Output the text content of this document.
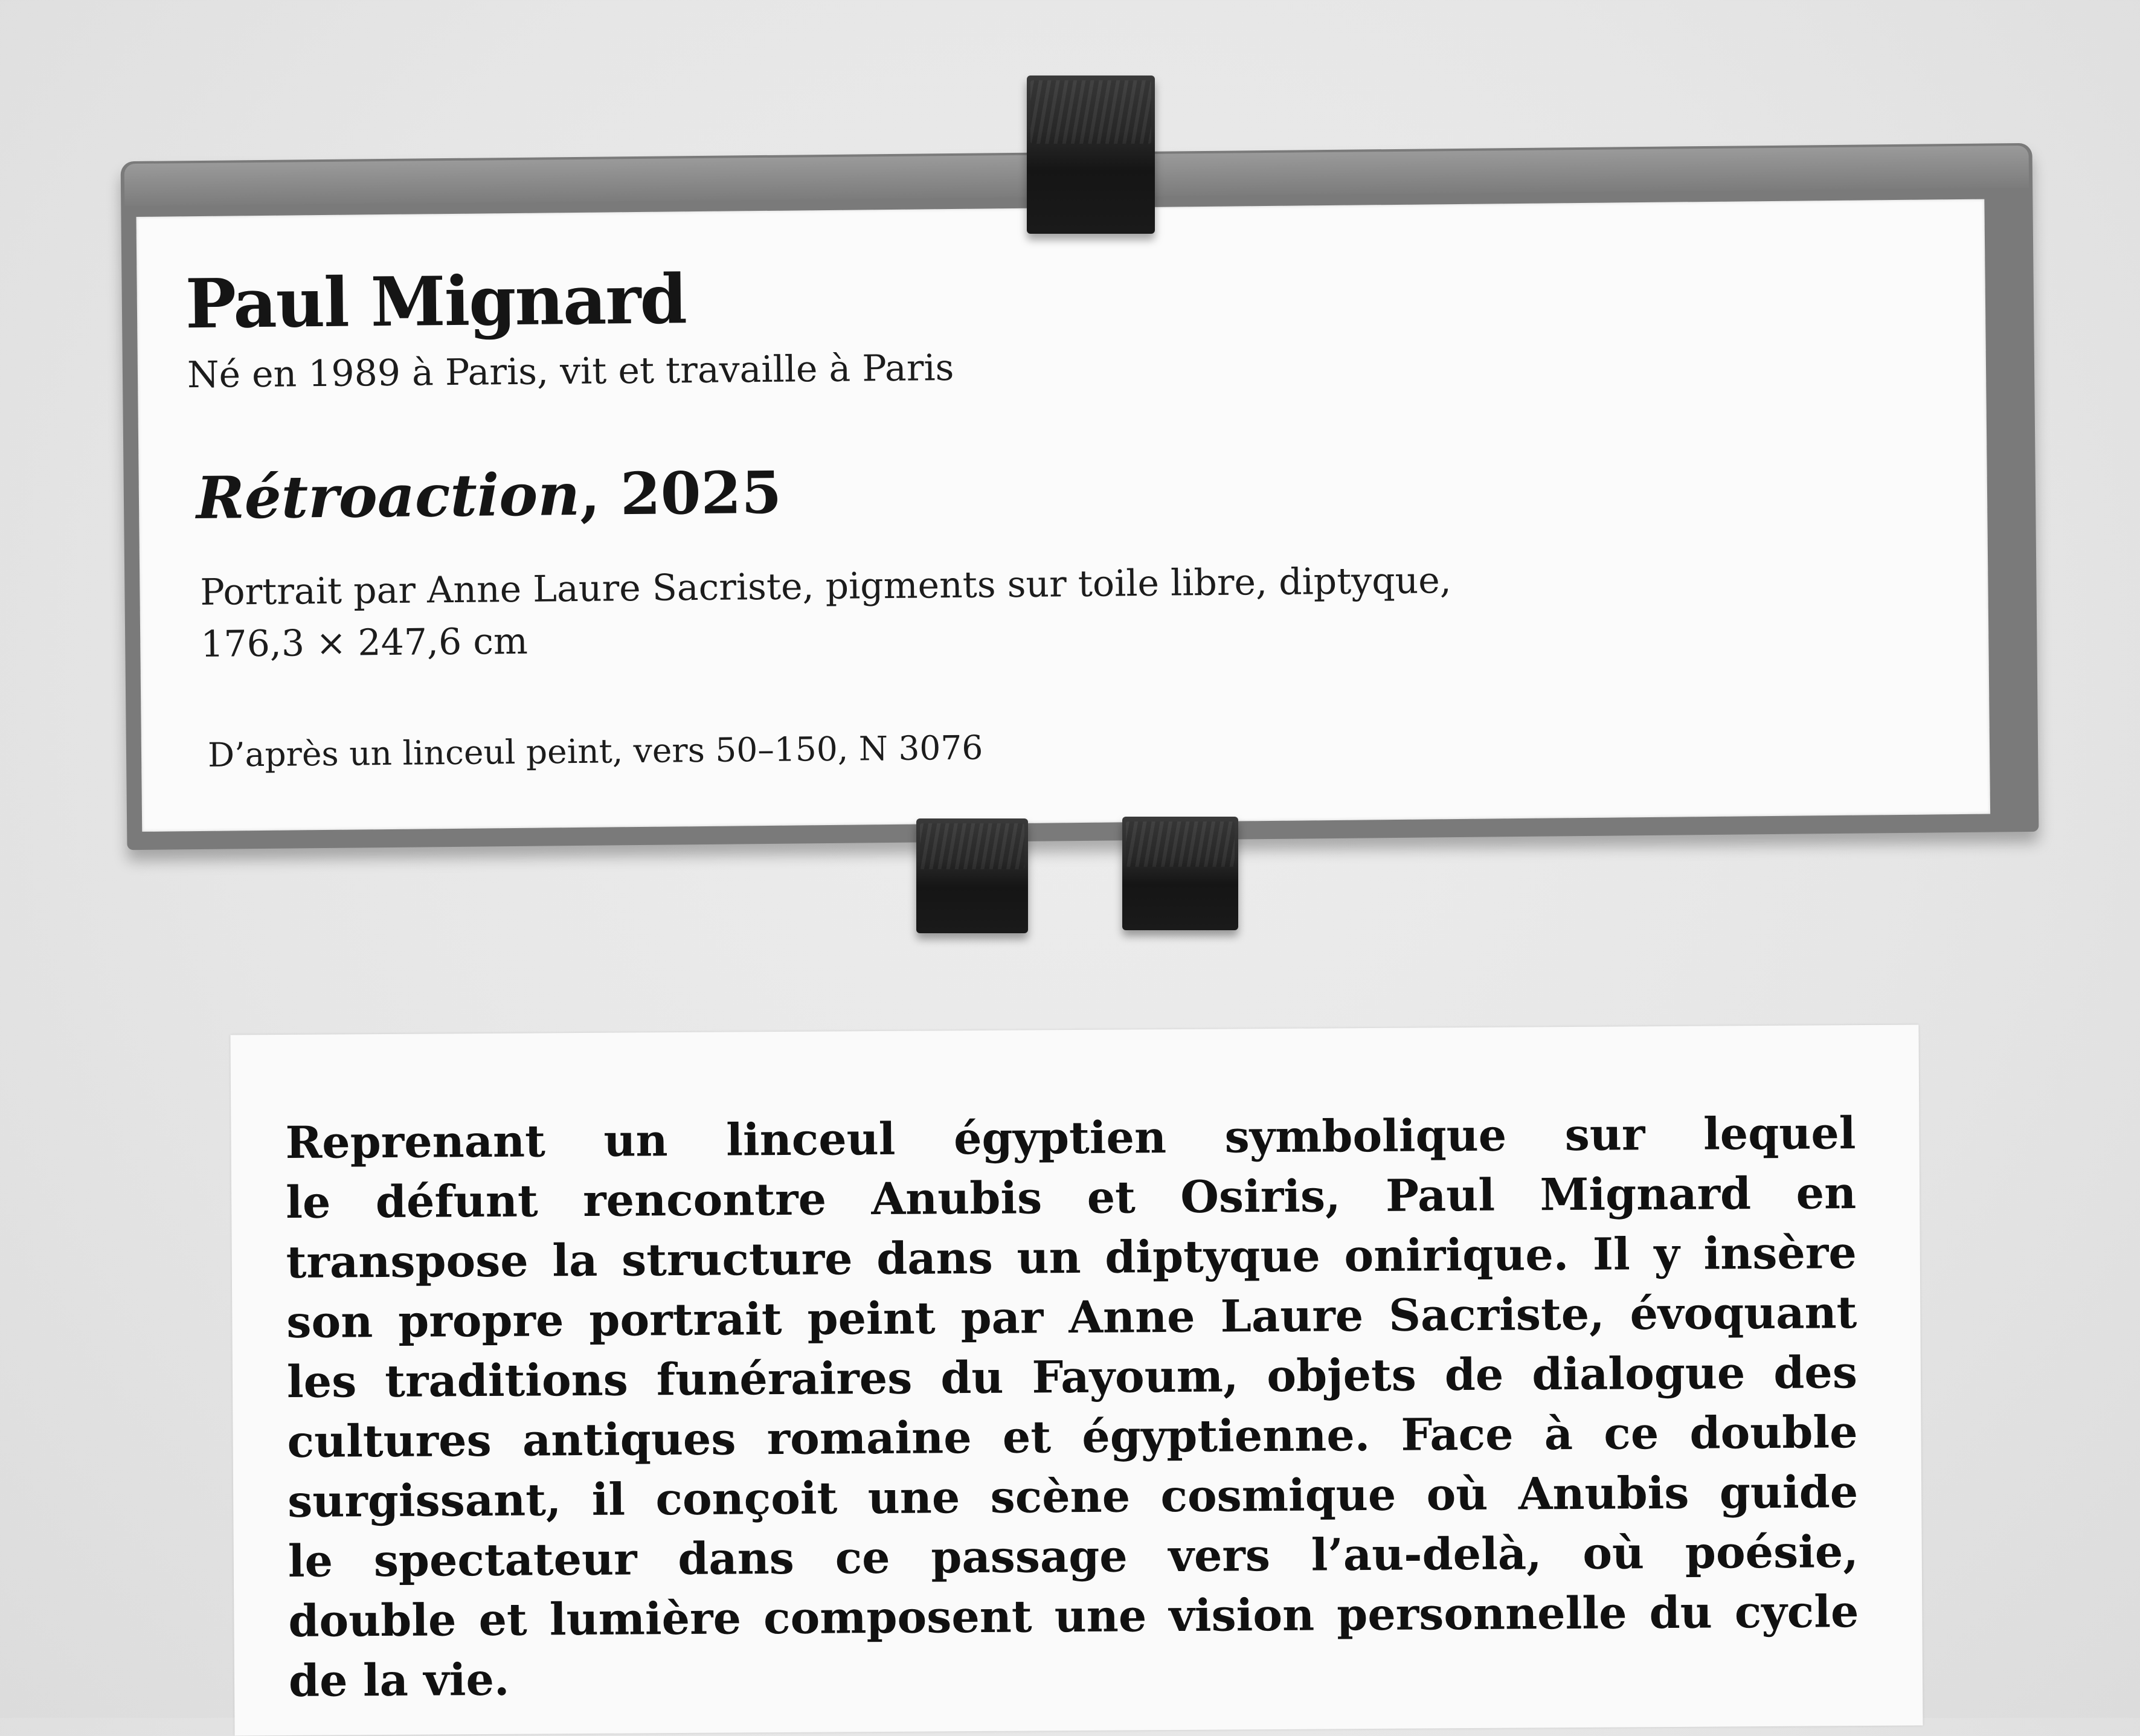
Paul Mignard
Né en 1989 à Paris, vit et travaille à Paris
Rétroaction, 2025
Portrait par Anne Laure Sacriste, pigments sur toile libre, diptyque,
176,3 × 247,6 cm
D’après un linceul peint, vers 50–150, N 3076
Reprenant un linceul égyptien symbolique sur lequel
le défunt rencontre Anubis et Osiris, Paul Mignard en
transpose la structure dans un diptyque onirique. Il y insère
son propre portrait peint par Anne Laure Sacriste, évoquant
les traditions funéraires du Fayoum, objets de dialogue des
cultures antiques romaine et égyptienne. Face à ce double
surgissant, il conçoit une scène cosmique où Anubis guide
le spectateur dans ce passage vers l’au-delà, où poésie,
double et lumière composent une vision personnelle du cycle
de la vie.
